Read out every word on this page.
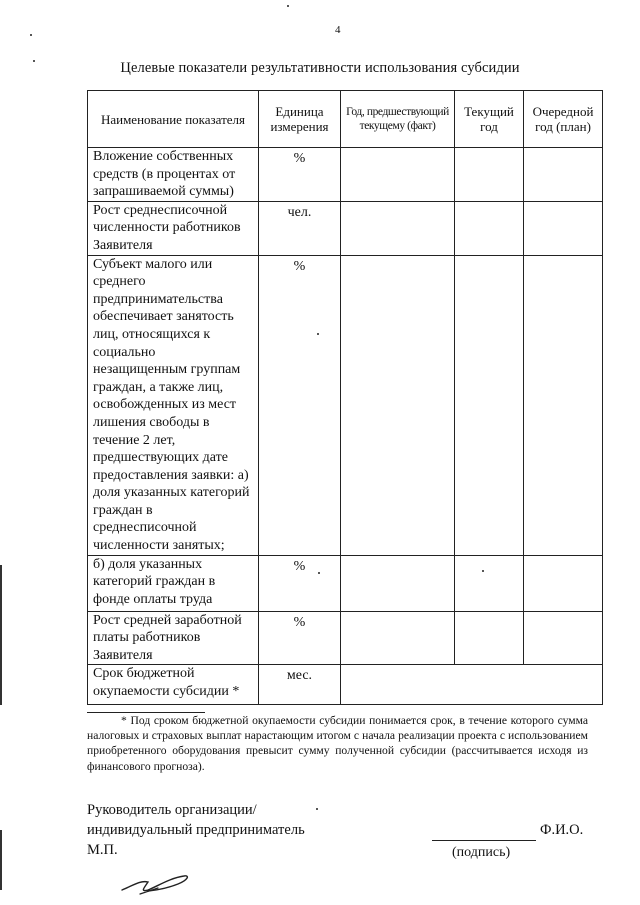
4
Целевые показатели результативности использования субсидии
Наименование показателя	Единица измерения	Год, предшествующий текущему (факт)	Текущий год	Очередной год (план)
Вложение собственных средств (в процентах от запрашиваемой суммы)	%			
Рост среднесписочной численности работников Заявителя	чел.			
Субъект малого или среднего предпринимательства обеспечивает занятость лиц, относящихся к социально незащищенным группам граждан, а также лиц, освобожденных из мест лишения свободы в течение 2 лет, предшествующих дате предоставления заявки: а) доля указанных категорий граждан в среднесписочной численности занятых;	%			
б) доля указанных категорий граждан в фонде оплаты труда	%			
Рост средней заработной платы работников Заявителя	%			
Срок бюджетной окупаемости субсидии *	мес.			
* Под сроком бюджетной окупаемости субсидии понимается срок, в течение которого сумма налоговых и страховых выплат нарастающим итогом с начала реализации проекта с использованием приобретенного оборудования превысит сумму полученной субсидии (рассчитывается исходя из финансового прогноза).
Руководитель организации/
индивидуальный предприниматель
М.П.
Ф.И.О.
(подпись)
